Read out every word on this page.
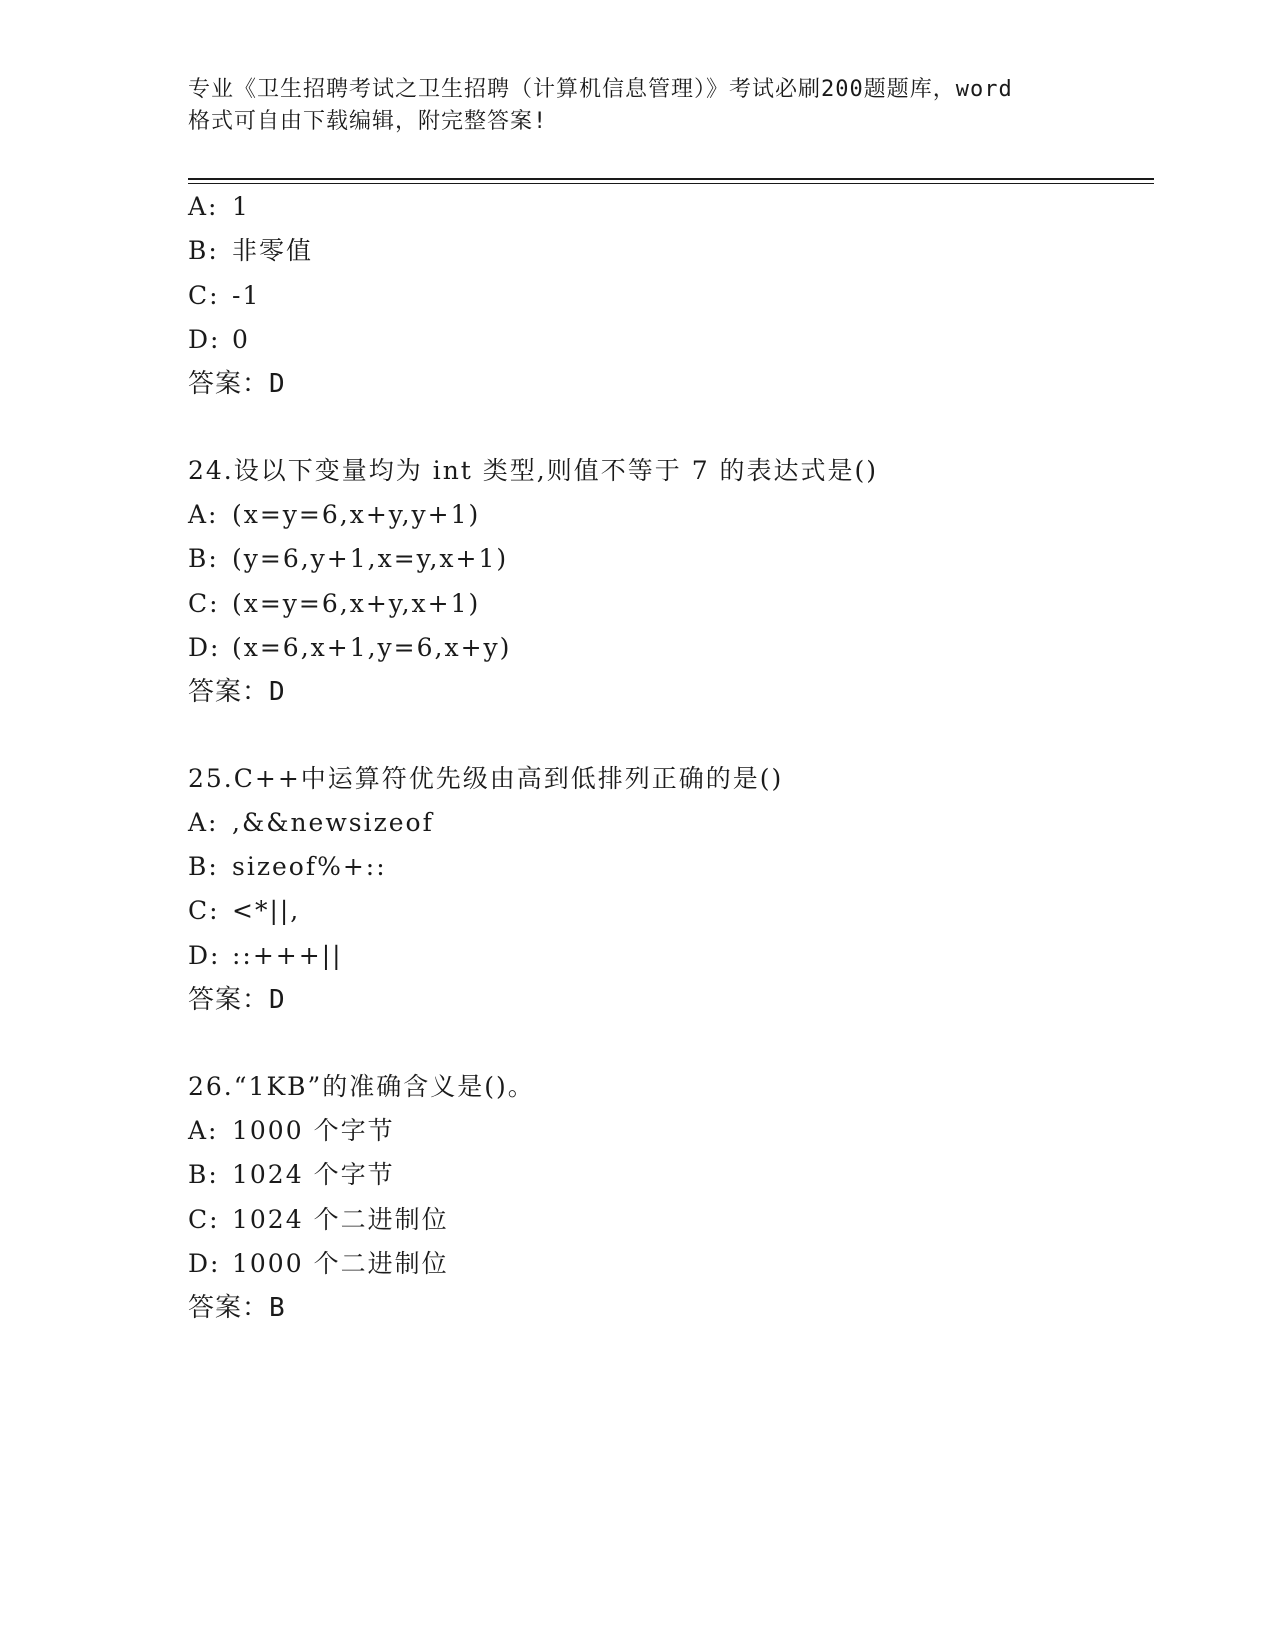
专业《卫生招聘考试之卫生招聘（计算机信息管理）》考试必刷200题题库，word
格式可自由下载编辑，附完整答案!
A: 1
B: 非零值
C: -1
D: 0
答案：D
24.设以下变量均为 int 类型,则值不等于 7 的表达式是()
A: (x=y=6,x+y,y+1)
B: (y=6,y+1,x=y,x+1)
C: (x=y=6,x+y,x+1)
D: (x=6,x+1,y=6,x+y)
答案：D
25.C++中运算符优先级由高到低排列正确的是()
A: ,&&newsizeof
B: sizeof%+::
C: <*||,
D: ::+++||
答案：D
26.“1KB”的准确含义是()。
A: 1000 个字节
B: 1024 个字节
C: 1024 个二进制位
D: 1000 个二进制位
答案：B
